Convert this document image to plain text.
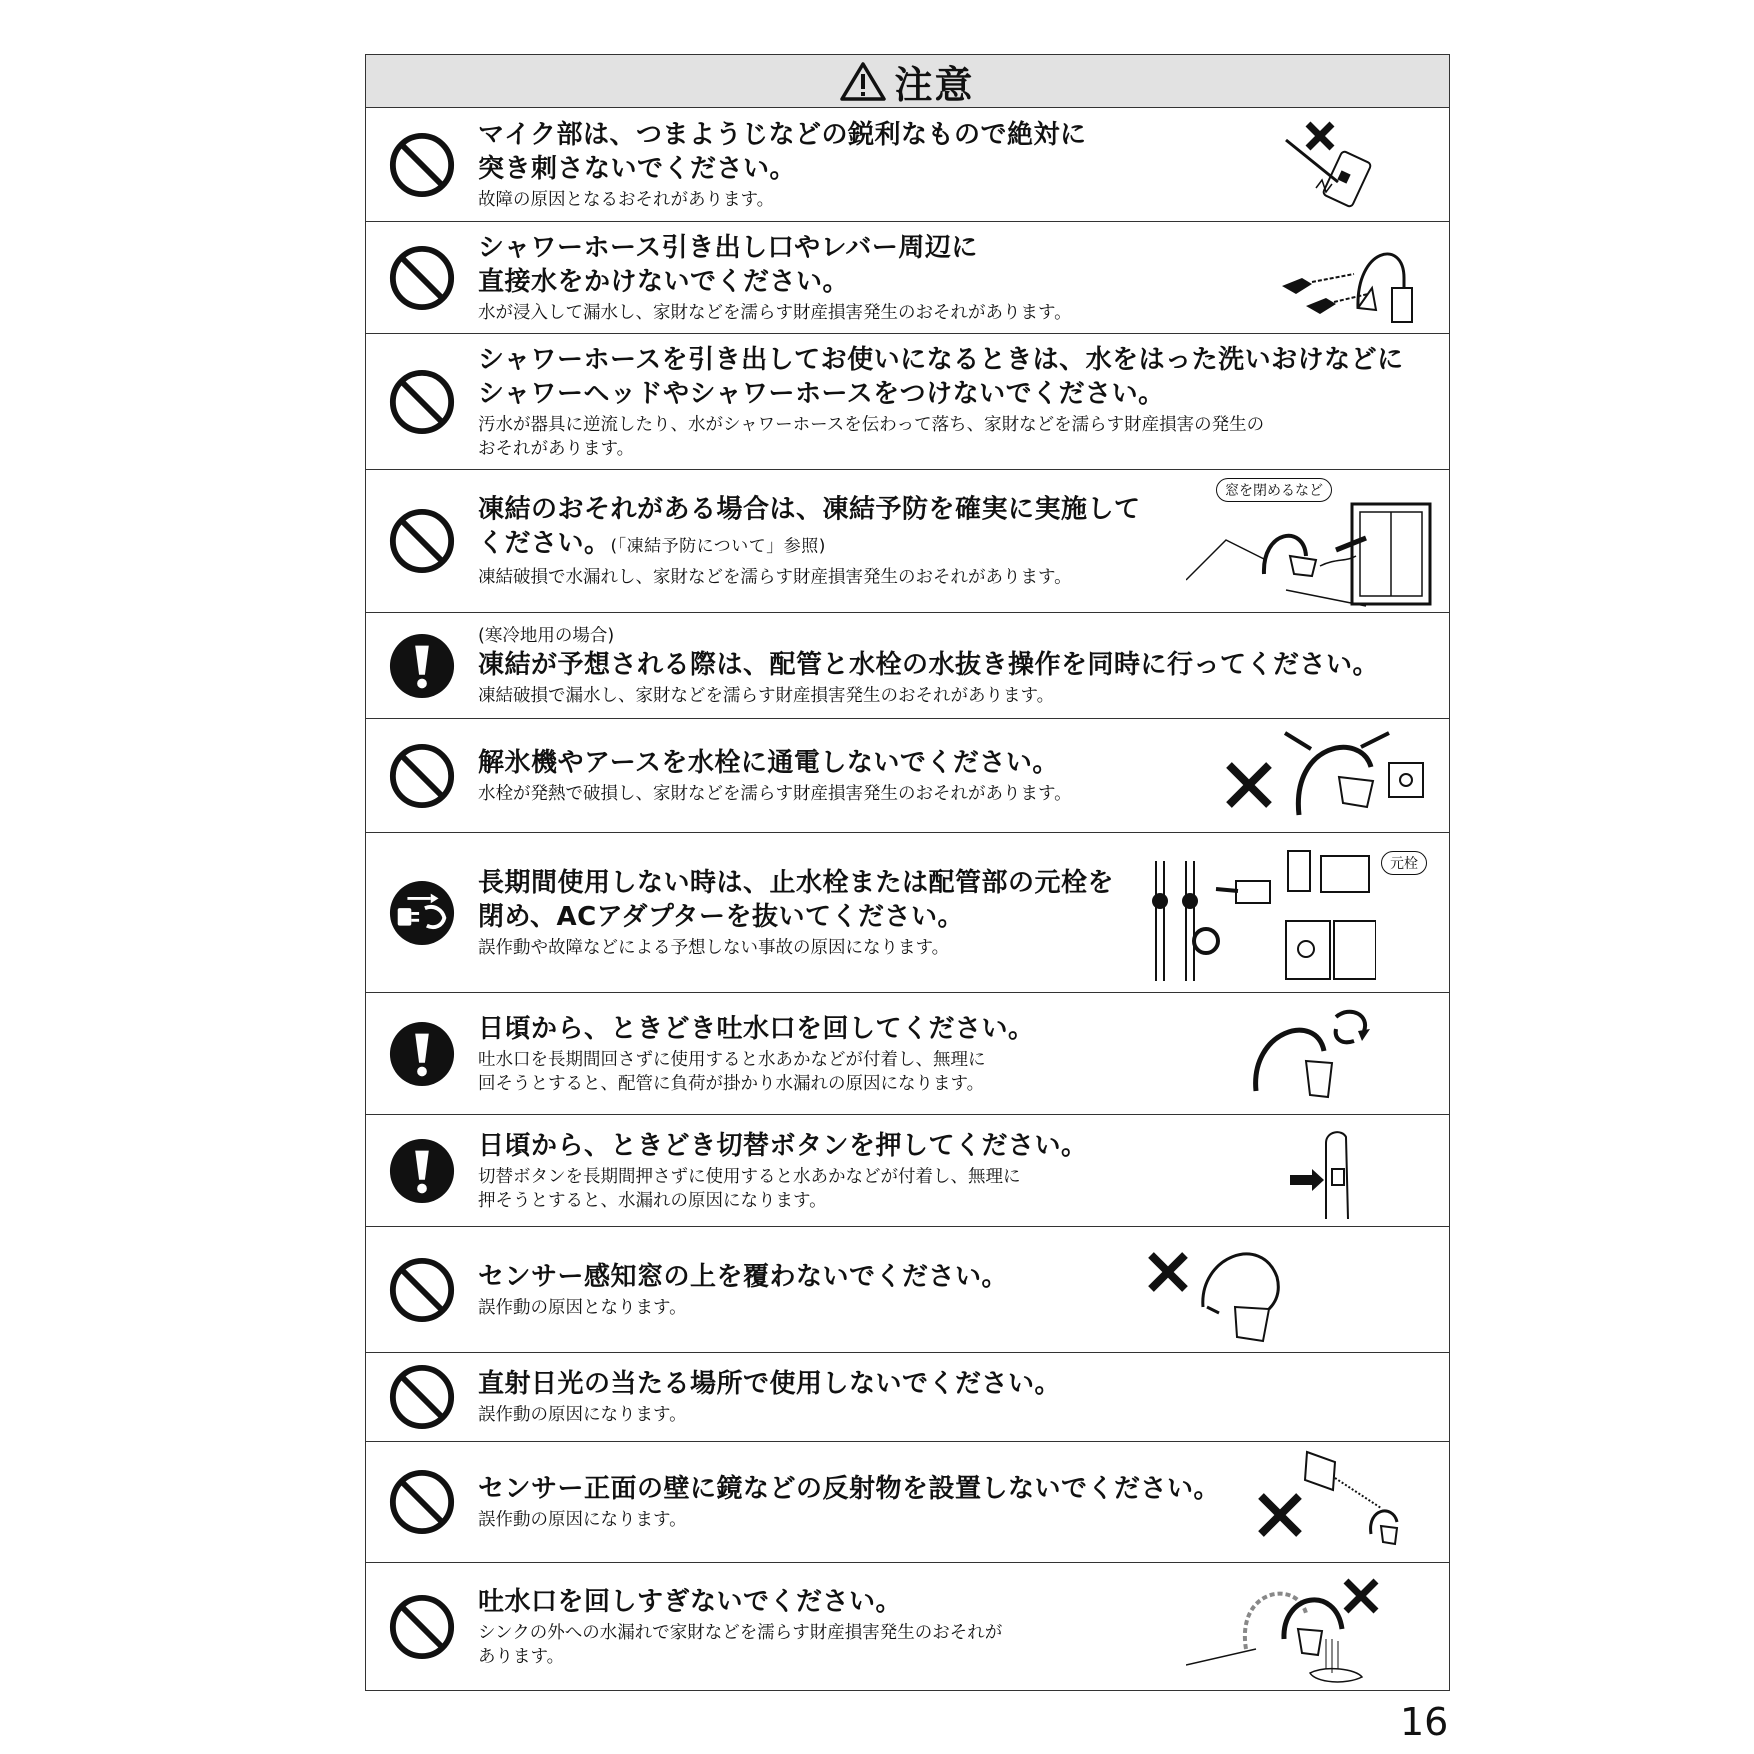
注意
マイク部は、つまようじなどの鋭利なもので絶対に
突き刺さないでください。
故障の原因となるおそれがあります。
シャワーホース引き出し口やレバー周辺に
直接水をかけないでください。
水が浸入して漏水し、家財などを濡らす財産損害発生のおそれがあります。
シャワーホースを引き出してお使いになるときは、水をはった洗いおけなどに
シャワーヘッドやシャワーホースをつけないでください。
汚水が器具に逆流したり、水がシャワーホースを伝わって落ち、家財などを濡らす財産損害の発生の
おそれがあります。
凍結のおそれがある場合は、凍結予防を確実に実施して
ください。(「凍結予防について」参照)
凍結破損で水漏れし、家財などを濡らす財産損害発生のおそれがあります。
窓を閉めるなど
(寒冷地用の場合)
凍結が予想される際は、配管と水栓の水抜き操作を同時に行ってください。
凍結破損で漏水し、家財などを濡らす財産損害発生のおそれがあります。
解氷機やアースを水栓に通電しないでください。
水栓が発熱で破損し、家財などを濡らす財産損害発生のおそれがあります。
長期間使用しない時は、止水栓または配管部の元栓を
閉め、ACアダプターを抜いてください。
誤作動や故障などによる予想しない事故の原因になります。
元栓
日頃から、ときどき吐水口を回してください。
吐水口を長期間回さずに使用すると水あかなどが付着し、無理に
回そうとすると、配管に負荷が掛かり水漏れの原因になります。
日頃から、ときどき切替ボタンを押してください。
切替ボタンを長期間押さずに使用すると水あかなどが付着し、無理に
押そうとすると、水漏れの原因になります。
センサー感知窓の上を覆わないでください。
誤作動の原因となります。
直射日光の当たる場所で使用しないでください。
誤作動の原因になります。
センサー正面の壁に鏡などの反射物を設置しないでください。
誤作動の原因になります。
吐水口を回しすぎないでください。
シンクの外への水漏れで家財などを濡らす財産損害発生のおそれが
あります。
16
